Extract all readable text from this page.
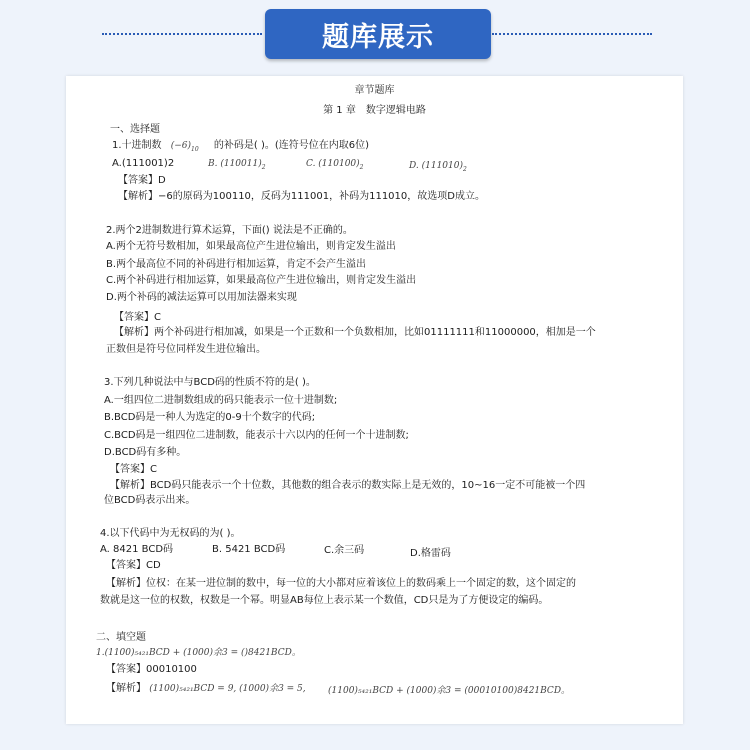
题库展示
章节题库
第 1 章　数字逻辑电路
一、选择题
1.十进制数 $(-6)_{10}$ 的补码是( )。(连符号位在内取6位)
A.(111001)2	B. $(110011)_2$	C. $(110100)_2$	D. $(111010)_2$
【答案】D
【解析】−6的原码为100110，反码为111001，补码为111010，故选项D成立。
2.两个2进制数进行算术运算，下面() 说法是不正确的。
A.两个无符号数相加，如果最高位产生进位输出，则肯定发生溢出
B.两个最高位不同的补码进行相加运算，肯定不会产生溢出
C.两个补码进行相加运算，如果最高位产生进位输出，则肯定发生溢出
D.两个补码的减法运算可以用加法器来实现
【答案】C
【解析】两个补码进行相加减，如果是一个正数和一个负数相加，比如01111111和11000000，相加是一个
正数但是符号位同样发生进位输出。
3.下列几种说法中与BCD码的性质不符的是( )。
A.一组四位二进制数组成的码只能表示一位十进制数;
B.BCD码是一种人为选定的0-9十个数字的代码;
C.BCD码是一组四位二进制数，能表示十六以内的任何一个十进制数;
D.BCD码有多种。
【答案】C
【解析】BCD码只能表示一个十位数，其他数的组合表示的数实际上是无效的，10~16一定不可能被一个四
位BCD码表示出来。
4.以下代码中为无权码的为( )。
A. 8421 BCD码	B. 5421 BCD码	C.余三码	D.格雷码
【答案】CD
【解析】位权：在某一进位制的数中，每一位的大小都对应着该位上的数码乘上一个固定的数，这个固定的
数就是这一位的权数，权数是一个幂。明显AB每位上表示某一个数值，CD只是为了方便设定的编码。
二、填空题
1.(1100)₅₄₂₁BCD + (1000)余3 = ()8421BCD。
【答案】00010100
【解析】 (1100)₅₄₂₁BCD = 9, (1000)余3 = 5, (1100)₅₄₂₁BCD + (1000)余3 = (00010100)8421BCD。
